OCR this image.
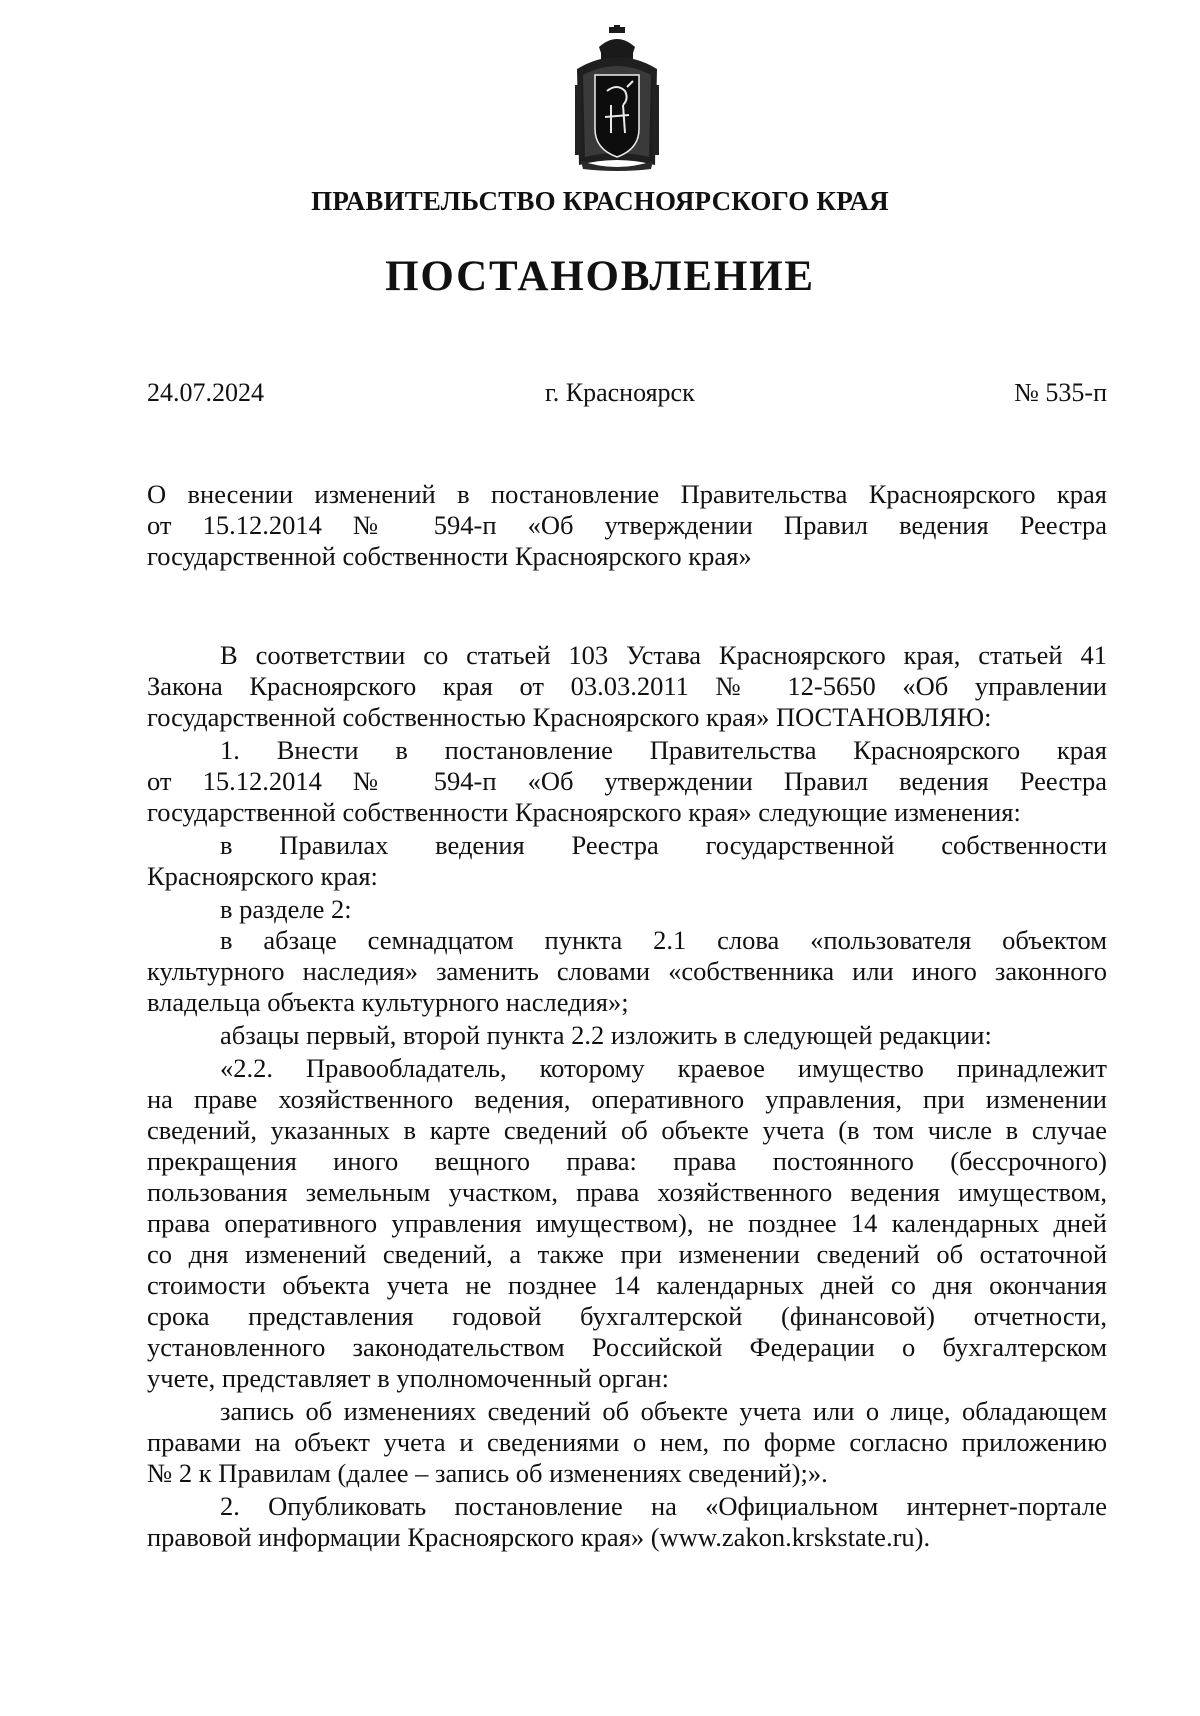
ПРАВИТЕЛЬСТВО КРАСНОЯРСКОГО КРАЯ
ПОСТАНОВЛЕНИЕ
24.07.2024	г. Красноярск	№ 535-п
О внесении изменений в постановление Правительства Красноярского края
от 15.12.2014 № 594-п «Об утверждении Правил ведения Реестра
государственной собственности Красноярского края»
В соответствии со статьей 103 Устава Красноярского края, статьей 41
Закона Красноярского края от 03.03.2011 № 12-5650 «Об управлении
государственной собственностью Красноярского края» ПОСТАНОВЛЯЮ:
1. Внести в постановление Правительства Красноярского края
от 15.12.2014 № 594-п «Об утверждении Правил ведения Реестра
государственной собственности Красноярского края» следующие изменения:
в Правилах ведения Реестра государственной собственности
Красноярского края:
в разделе 2:
в абзаце семнадцатом пункта 2.1 слова «пользователя объектом
культурного наследия» заменить словами «собственника или иного законного
владельца объекта культурного наследия»;
абзацы первый, второй пункта 2.2 изложить в следующей редакции:
«2.2. Правообладатель, которому краевое имущество принадлежит
на праве хозяйственного ведения, оперативного управления, при изменении
сведений, указанных в карте сведений об объекте учета (в том числе в случае
прекращения иного вещного права: права постоянного (бессрочного)
пользования земельным участком, права хозяйственного ведения имуществом,
права оперативного управления имуществом), не позднее 14 календарных дней
со дня изменений сведений, а также при изменении сведений об остаточной
стоимости объекта учета не позднее 14 календарных дней со дня окончания
срока представления годовой бухгалтерской (финансовой) отчетности,
установленного законодательством Российской Федерации о бухгалтерском
учете, представляет в уполномоченный орган:
запись об изменениях сведений об объекте учета или о лице, обладающем
правами на объект учета и сведениями о нем, по форме согласно приложению
№ 2 к Правилам (далее – запись об изменениях сведений);».
2. Опубликовать постановление на «Официальном интернет-портале
правовой информации Красноярского края» (www.zakon.krskstate.ru).
